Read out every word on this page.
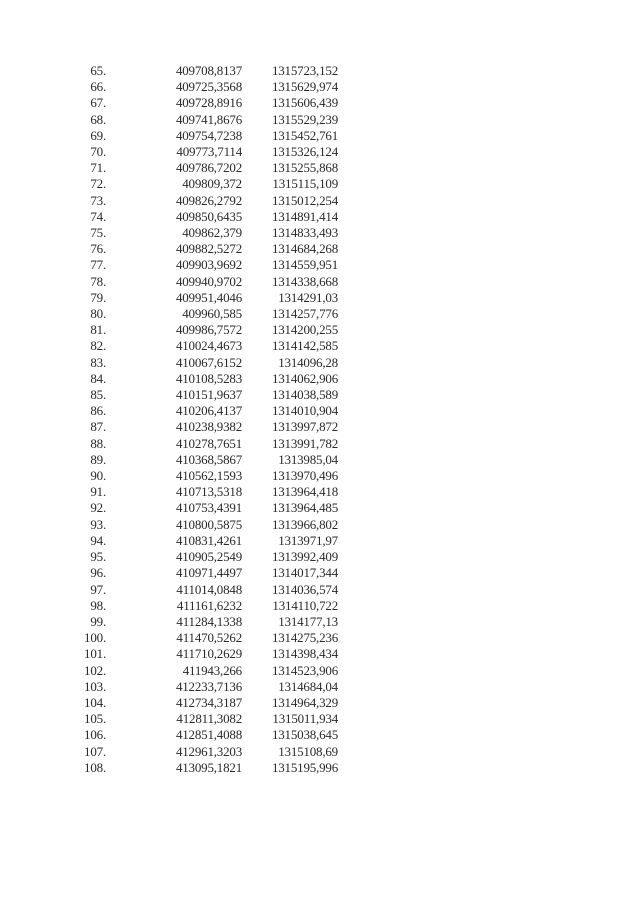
65.	409708,8137	1315723,152
66.	409725,3568	1315629,974
67.	409728,8916	1315606,439
68.	409741,8676	1315529,239
69.	409754,7238	1315452,761
70.	409773,7114	1315326,124
71.	409786,7202	1315255,868
72.	409809,372	1315115,109
73.	409826,2792	1315012,254
74.	409850,6435	1314891,414
75.	409862,379	1314833,493
76.	409882,5272	1314684,268
77.	409903,9692	1314559,951
78.	409940,9702	1314338,668
79.	409951,4046	1314291,03
80.	409960,585	1314257,776
81.	409986,7572	1314200,255
82.	410024,4673	1314142,585
83.	410067,6152	1314096,28
84.	410108,5283	1314062,906
85.	410151,9637	1314038,589
86.	410206,4137	1314010,904
87.	410238,9382	1313997,872
88.	410278,7651	1313991,782
89.	410368,5867	1313985,04
90.	410562,1593	1313970,496
91.	410713,5318	1313964,418
92.	410753,4391	1313964,485
93.	410800,5875	1313966,802
94.	410831,4261	1313971,97
95.	410905,2549	1313992,409
96.	410971,4497	1314017,344
97.	411014,0848	1314036,574
98.	411161,6232	1314110,722
99.	411284,1338	1314177,13
100.	411470,5262	1314275,236
101.	411710,2629	1314398,434
102.	411943,266	1314523,906
103.	412233,7136	1314684,04
104.	412734,3187	1314964,329
105.	412811,3082	1315011,934
106.	412851,4088	1315038,645
107.	412961,3203	1315108,69
108.	413095,1821	1315195,996
